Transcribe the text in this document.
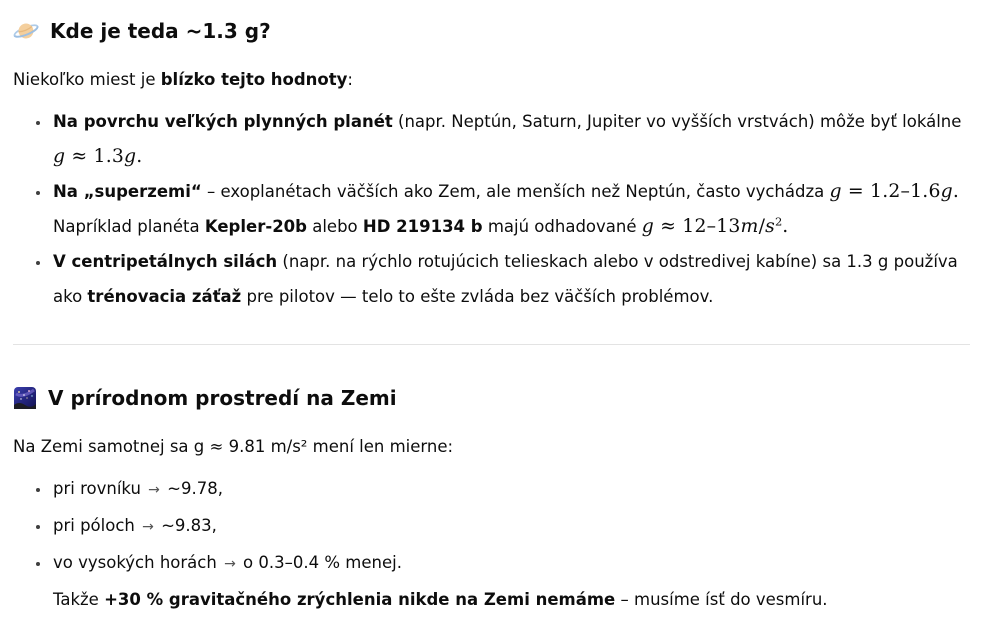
Kde je teda ~1.3 g?

Niekoľko miest je blízko tejto hodnoty:

• Na povrchu veľkých plynných planét (napr. Neptún, Saturn, Jupiter vo vyšších vrstvách) môže byť lokálne g ≈ 1.3g.

• Na „superzemi“ – exoplanétach väčších ako Zem, ale menších než Neptún, často vychádza g = 1.2–1.6g.

Napríklad planéta Kepler-20b alebo HD 219134 b majú odhadované $g \approx 12-13m/s^2$.

• V centripetálnych silách (napr. na rýchlo rotujúcich telieskach alebo v odstredivej kabíne) sa 1.3 g používa ako trénovacia záťaž pre pilotov — telo to ešte zvláda bez väčších problémov.

V prírodnom prostredí na Zemi

Na Zemi samotnej sa g ≈ 9.81 m/s² mení len mierne:

• pri rovníku → ~9.78,

• pri póloch → ~9.83,

• vo vysokých horách → o 0.3–0.4 % menej.

Takže +30 % gravitačného zrýchlenia nikde na Zemi nemáme – musíme ísť do vesmíru.
